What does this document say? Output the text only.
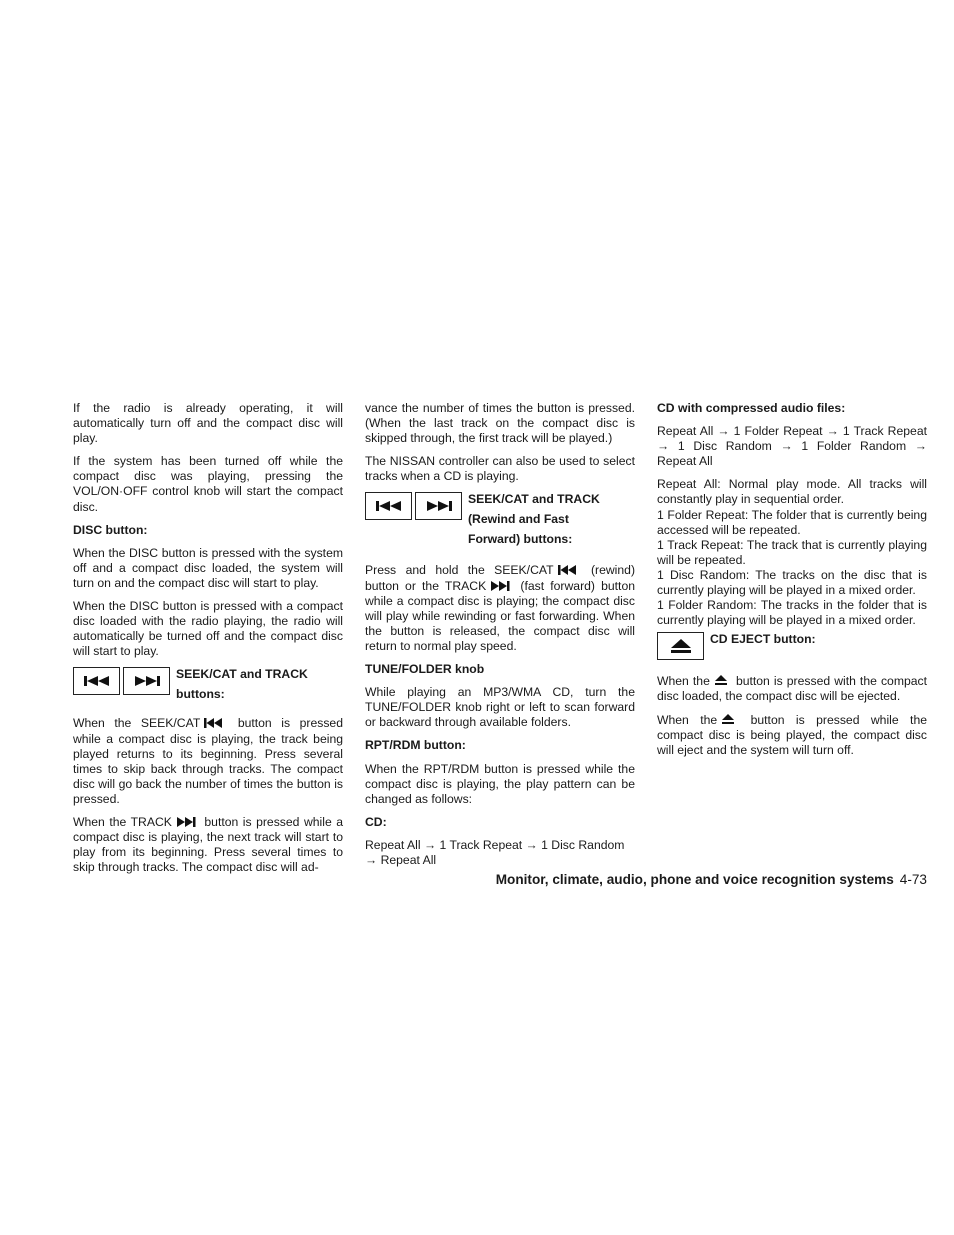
If the radio is already operating, it will automatically turn off and the compact disc will play.

If the system has been turned off while the compact disc was playing, pressing the VOL/ON·OFF control knob will start the compact disc.

DISC button:

When the DISC button is pressed with the system off and a compact disc loaded, the system will turn on and the compact disc will start to play.

When the DISC button is pressed with a compact disc loaded with the radio playing, the radio will automatically be turned off and the compact disc will start to play.

SEEK/CAT and TRACK
buttons:

When the SEEK/CAT	button is pressed while a compact disc is playing, the track being played returns to its beginning. Press several times to skip back through tracks. The compact disc will go back the number of times the button is pressed.

When the TRACK	button is pressed while a compact disc is playing, the next track will start to play from its beginning. Press several times to skip through tracks. The compact disc will ad-

vance the number of times the button is pressed. (When the last track on the compact disc is skipped through, the first track will be played.)

The NISSAN controller can also be used to select tracks when a CD is playing.

SEEK/CAT and TRACK
(Rewind and Fast
Forward) buttons:

Press and hold the SEEK/CAT	(rewind) button or the TRACK	(fast forward) button while a compact disc is playing; the compact disc will play while rewinding or fast forwarding. When the button is released, the compact disc will return to normal play speed.

TUNE/FOLDER knob

While playing an MP3/WMA CD, turn the TUNE/FOLDER knob right or left to scan forward or backward through available folders.

RPT/RDM button:

When the RPT/RDM button is pressed while the compact disc is playing, the play pattern can be changed as follows:

CD:

Repeat All → 1 Track Repeat → 1 Disc Random → Repeat All

CD with compressed audio files:

Repeat All → 1 Folder Repeat → 1 Track Repeat → 1 Disc Random → 1 Folder Random → Repeat All

Repeat All: Normal play mode. All tracks will constantly play in sequential order.

1 Folder Repeat: The folder that is currently being accessed will be repeated.

1 Track Repeat: The track that is currently playing will be repeated.

1 Disc Random: The tracks on the disc that is currently playing will be played in a mixed order.

1 Folder Random: The tracks in the folder that is currently playing will be played in a mixed order.

CD EJECT button:

When the button is pressed with the compact disc loaded, the compact disc will be ejected.

When the	button is pressed while the compact disc is being played, the compact disc will eject and the system will turn off.

Monitor, climate, audio, phone and voice recognition systems 4-73
